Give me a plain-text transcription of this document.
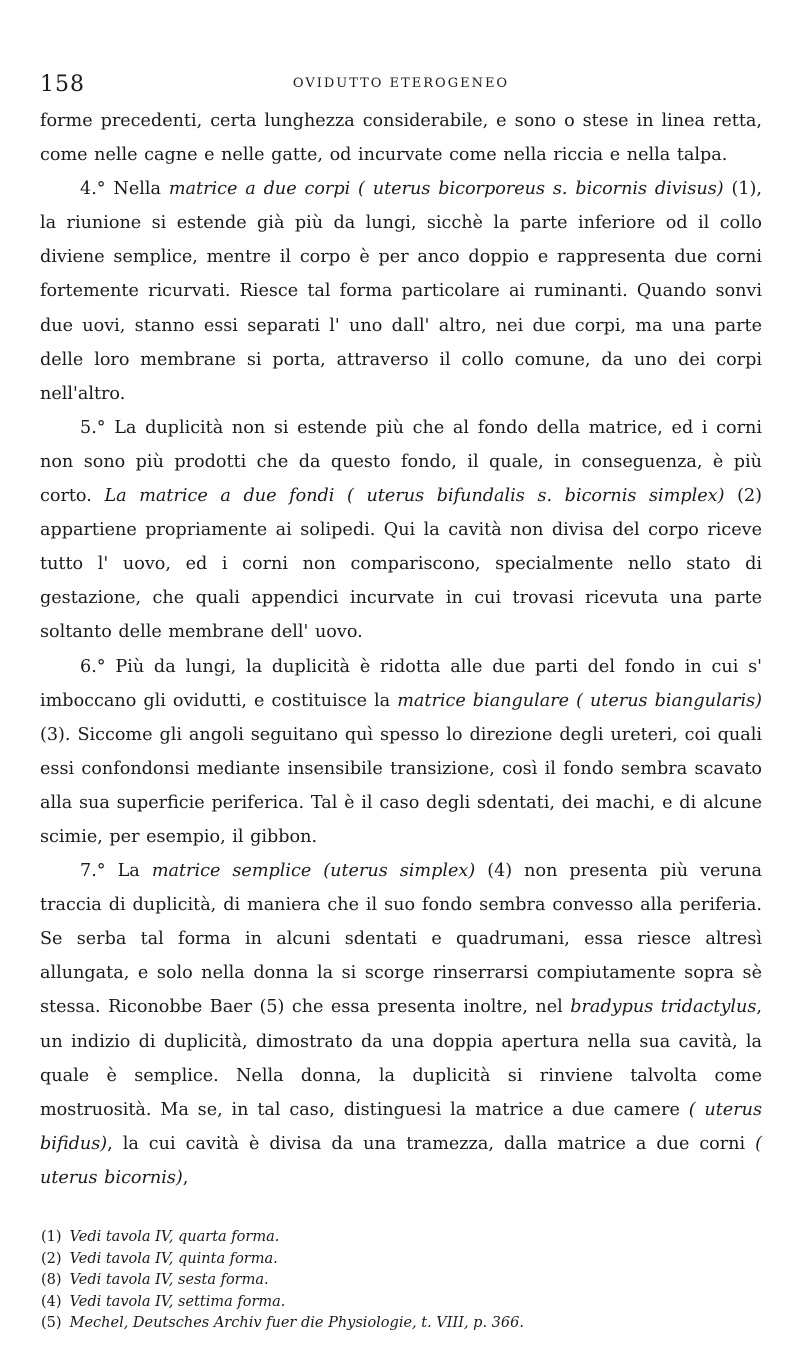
158	OVIDUTTO ETEROGENEO

forme precedenti, certa lunghezza considerabile, e sono o stese in linea retta, come nelle cagne e nelle gatte, od incurvate come nella riccia e nella talpa.

4.° Nella matrice a due corpi ( uterus bicorporeus s. bicornis divisus) (1), la riunione si estende già più da lungi, sicchè la parte inferiore od il collo diviene semplice, mentre il corpo è per anco doppio e rappresenta due corni fortemente ricurvati. Riesce tal forma particolare ai ruminanti. Quando sonvi due uovi, stanno essi separati l' uno dall' altro, nei due corpi, ma una parte delle loro membrane si porta, attraverso il collo comune, da uno dei corpi nell'altro.

5.° La duplicità non si estende più che al fondo della matrice, ed i corni non sono più prodotti che da questo fondo, il quale, in conseguenza, è più corto. La matrice a due fondi ( uterus bifundalis s. bicornis simplex) (2) appartiene propriamente ai solipedi. Qui la cavità non divisa del corpo riceve tutto l' uovo, ed i corni non compariscono, specialmente nello stato di gestazione, che quali appendici incurvate in cui trovasi ricevuta una parte soltanto delle membrane dell' uovo.

6.° Più da lungi, la duplicità è ridotta alle due parti del fondo in cui s' imboccano gli ovidutti, e costituisce la matrice biangulare ( uterus biangularis) (3). Siccome gli angoli seguitano quì spesso lo direzione degli ureteri, coi quali essi confondonsi mediante insensibile transizione, così il fondo sembra scavato alla sua superficie periferica. Tal è il caso degli sdentati, dei machi, e di alcune scimie, per esempio, il gibbon.

7.° La matrice semplice (uterus simplex) (4) non presenta più veruna traccia di duplicità, di maniera che il suo fondo sembra convesso alla periferia. Se serba tal forma in alcuni sdentati e quadrumani, essa riesce altresì allungata, e solo nella donna la si scorge rinserrarsi compiutamente sopra sè stessa. Riconobbe Baer (5) che essa presenta inoltre, nel bradypus tridactylus, un indizio di duplicità, dimostrato da una doppia apertura nella sua cavità, la quale è semplice. Nella donna, la duplicità si rinviene talvolta come mostruosità. Ma se, in tal caso, distinguesi la matrice a due camere ( uterus bifidus), la cui cavità è divisa da una tramezza, dalla matrice a due corni ( uterus bicornis),

(1) Vedi tavola IV, quarta forma.
(2) Vedi tavola IV, quinta forma.
(8) Vedi tavola IV, sesta forma.
(4) Vedi tavola IV, settima forma.
(5) Mechel, Deutsches Archiv fuer die Physiologie, t. VIII, p. 366.
